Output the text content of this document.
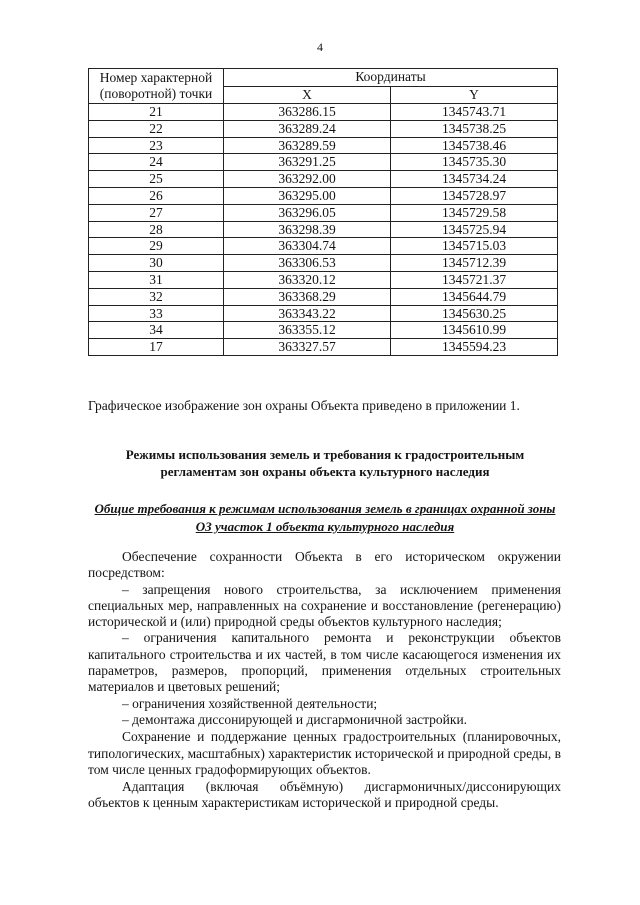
4
Номер характерной (поворотной) точки	Координаты	
	X	Y
21	363286.15	1345743.71
22	363289.24	1345738.25
23	363289.59	1345738.46
24	363291.25	1345735.30
25	363292.00	1345734.24
26	363295.00	1345728.97
27	363296.05	1345729.58
28	363298.39	1345725.94
29	363304.74	1345715.03
30	363306.53	1345712.39
31	363320.12	1345721.37
32	363368.29	1345644.79
33	363343.22	1345630.25
34	363355.12	1345610.99
17	363327.57	1345594.23
Графическое изображение зон охраны Объекта приведено в приложении 1.
Режимы использования земель и требования к градостроительным регламентам зон охраны объекта культурного наследия
Общие требования к режимам использования земель в границах охранной зоны ОЗ участок 1 объекта культурного наследия

Обеспечение сохранности Объекта в его историческом окружении посредством:

– запрещения нового строительства, за исключением применения специальных мер, направленных на сохранение и восстановление (регенерацию) исторической и (или) природной среды объектов культурного наследия;

– ограничения капитального ремонта и реконструкции объектов капитального строительства и их частей, в том числе касающегося изменения их параметров, размеров, пропорций, применения отдельных строительных материалов и цветовых решений;

– ограничения хозяйственной деятельности;

– демонтажа диссонирующей и дисгармоничной застройки.

Сохранение и поддержание ценных градостроительных (планировочных, типологических, масштабных) характеристик исторической и природной среды, в том числе ценных градоформирующих объектов.

Адаптация (включая объёмную) дисгармоничных/диссонирующих объектов к ценным характеристикам исторической и природной среды.
